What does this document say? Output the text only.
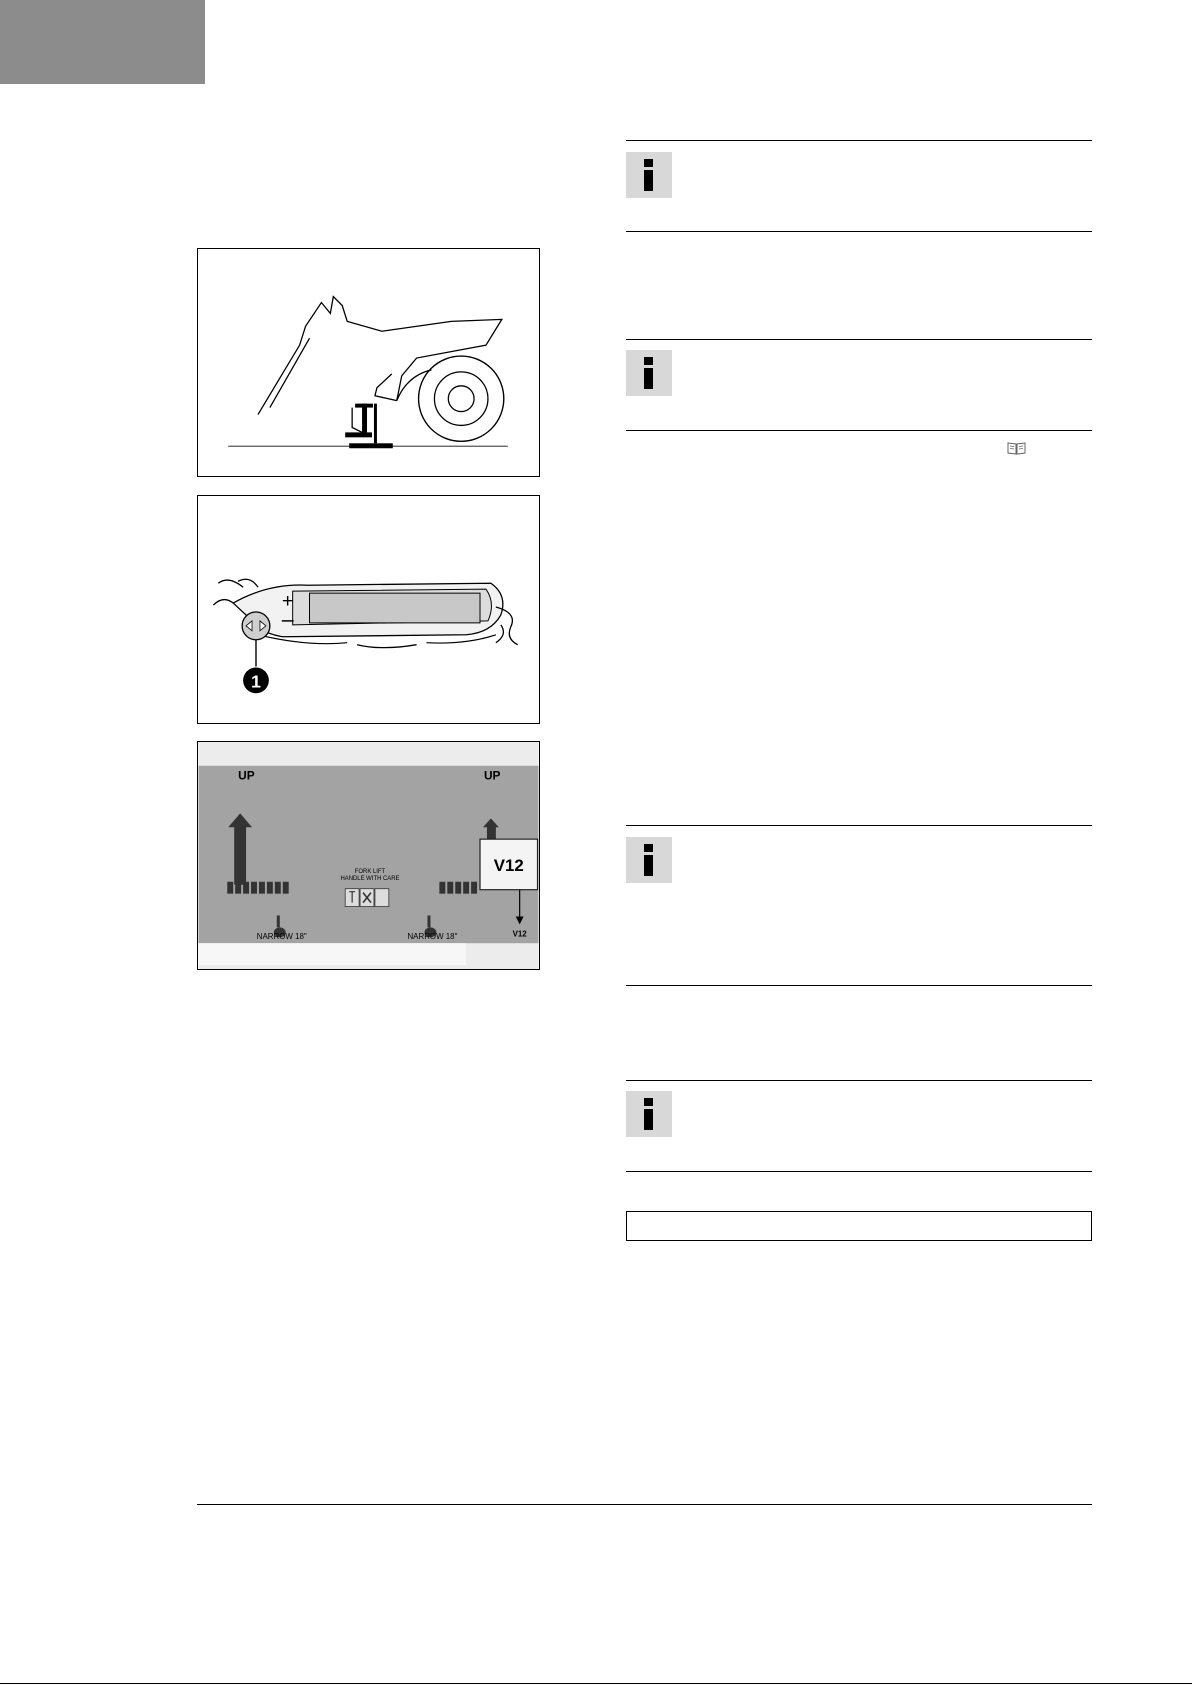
+
1
UP	UP
FORK LIFT
HANDLE WITH CARE
NARROW 18"	NARROW 18"
V12
V12
